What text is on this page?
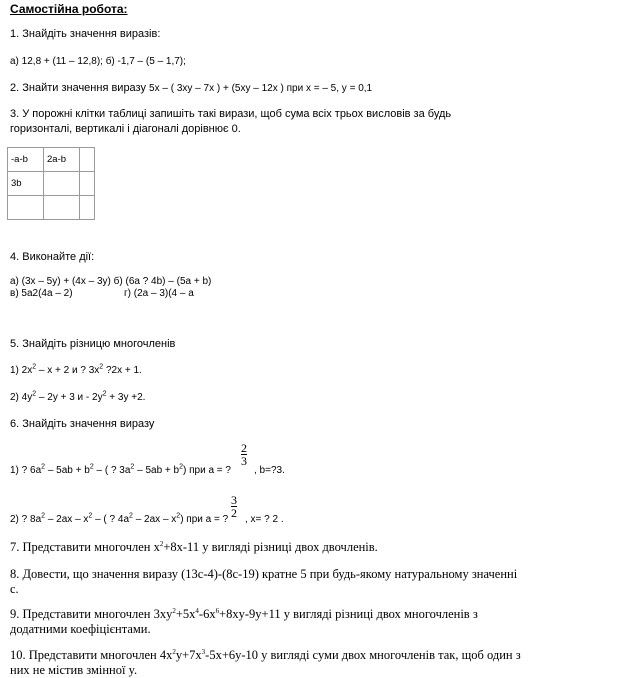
Самостійна робота:
1. Знайдіть значення виразів:
а) 12,8 + (11 – 12,8); б) -1,7 – (5 – 1,7);
2. Знайти значення виразу 5x – ( 3xy – 7x ) + (5xy – 12x ) при x = – 5, y = 0,1
3. У порожні клітки таблиці запишіть такі вирази, щоб сума всіх трьох висловів за будь
горизонталі, вертикалі і діагоналі дорівнює 0.
-a-b	2a-b	
3b		

4. Виконайте дії:
а) (3x – 5y) + (4x – 3y) б) (6a ? 4b) – (5a + b)
в) 5a2(4a – 2)	г) (2a – 3)(4 – a
5. Знайдіть різницю многочленів
1) $2x^2 - x + 2$ и ? $3x^2$ ?2x + 1.
2) $4y^2 - 2y + 3$ $и - 2y^2 + 3y +2$.
6. Знайдіть значення виразу
$\frac{2}{3}$
1) ? $6a^2 - 5ab + b^2$ – ( ? $3a^2 - 5ab + b^2$) при a = ? , b=?3.
$\frac{3}{2}$
2) ? $8a^2 - 2ax - x^2$ – ( ? $4a^2 - 2ax - x^2$) при a = ? , x= ? 2 .
7. Представити многочлен $x^2+8x-11$ у вигляді різниці двох двочленів.
8. Довести, що значення виразу (13c-4)-(8c-19) кратне 5 при будь-якому натуральному значенні
c.
9. Представити многочлен $3xy^2+5x^4-6x^6+8xy-9y+11$ у вигляді різниці двох многочленів з
додатними коефіцієнтами.
10. Представити многочлен $4x^2y+7x^3-5x+6y-10$ у вигляді суми двох многочленів так, щоб один з
них не містив змінної y.
